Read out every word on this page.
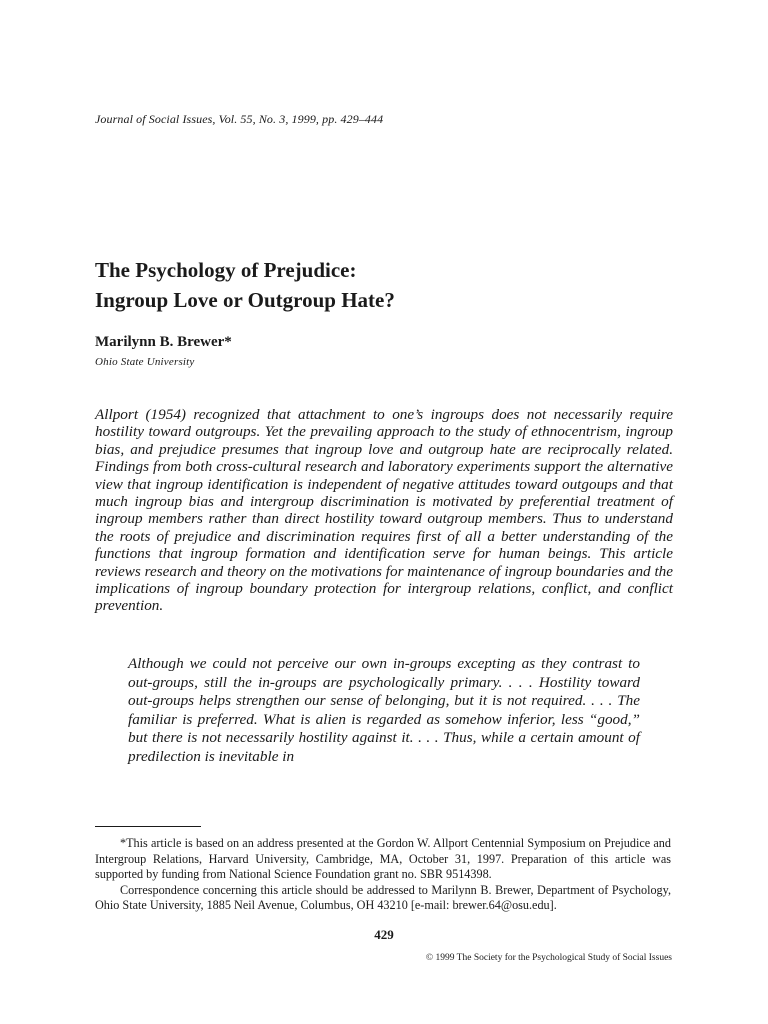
Journal of Social Issues, Vol. 55, No. 3, 1999, pp. 429–444
The Psychology of Prejudice:
Ingroup Love or Outgroup Hate?
Marilynn B. Brewer*
Ohio State University

Allport (1954) recognized that attachment to one’s ingroups does not necessarily require hostility toward outgroups. Yet the prevailing approach to the study of ethnocentrism, ingroup bias, and prejudice presumes that ingroup love and outgroup hate are reciprocally related. Findings from both cross-cultural research and laboratory experiments support the alternative view that ingroup identification is independent of negative attitudes toward outgoups and that much ingroup bias and intergroup discrimination is motivated by preferential treatment of ingroup members rather than direct hostility toward outgroup members. Thus to understand the roots of prejudice and discrimination requires first of all a better understanding of the functions that ingroup formation and identification serve for human beings. This article reviews research and theory on the motivations for maintenance of ingroup boundaries and the implications of ingroup boundary protection for intergroup relations, conflict, and conflict prevention.

Although we could not perceive our own in-groups excepting as they contrast to out-groups, still the in-groups are psychologically primary. . . . Hostility toward out-groups helps strengthen our sense of belonging, but it is not required. . . . The familiar is preferred. What is alien is regarded as somehow inferior, less “good,” but there is not necessarily hostility against it. . . . Thus, while a certain amount of predilection is inevitable in

*This article is based on an address presented at the Gordon W. Allport Centennial Symposium on Prejudice and Intergroup Relations, Harvard University, Cambridge, MA, October 31, 1997. Preparation of this article was supported by funding from National Science Foundation grant no. SBR 9514398.

Correspondence concerning this article should be addressed to Marilynn B. Brewer, Department of Psychology, Ohio State University, 1885 Neil Avenue, Columbus, OH 43210 [e-mail: brewer.64@osu.edu].

429
© 1999 The Society for the Psychological Study of Social Issues
